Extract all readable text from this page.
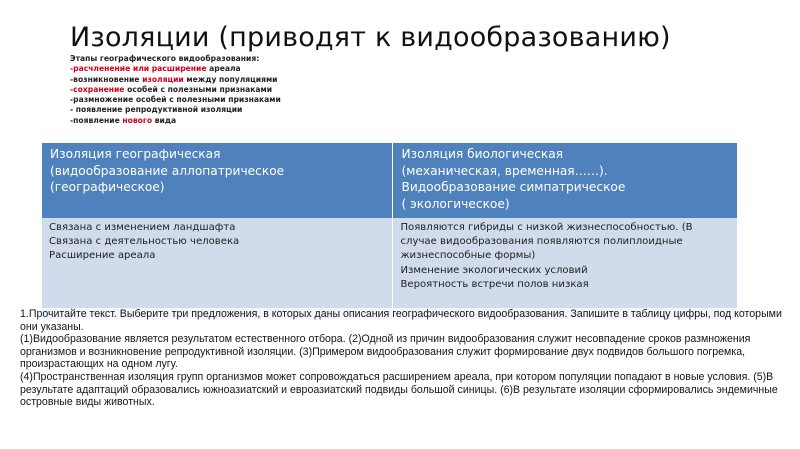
Изоляции (приводят к видообразованию)
Этапы географического видообразования:
-расчленение или расширение ареала
-возникновение изоляции между популяциями
-сохранение особей с полезными признаками
-размножение особей с полезными признаками
- появление репродуктивной изоляции
-появление нового вида
Изоляция географическая
(видообразование аллопатрическое
(географическое)	Изоляция биологическая
(механическая, временная……).
Видообразование симпатрическое
( экологическое)

Связана с изменением ландшафта
Связана с деятельностью человека
Расширение ареала	Появляются гибриды с низкой жизнеспособностью. (В случае видообразования появляются полиплоидные жизнеспособные формы)
Изменение экологических условий
Вероятность встречи полов низкая

1.Прочитайте текст. Выберите три предложения, в которых даны описания географического видообразования. Запишите в таблицу цифры, под которыми они указаны.

(1)Видообразование является результатом естественного отбора. (2)Одной из причин видообразования служит несовпадение сроков размножения организмов и возникновение репродуктивной изоляции. (3)Примером видообразования служит формирование двух подвидов большого погремка, произрастающих на одном лугу.

(4)Пространственная изоляция групп организмов может сопровождаться расширением ареала, при котором популяции попадают в новые условия. (5)В результате адаптаций образовались южноазиатский и евроазиатский подвиды большой синицы. (6)В результате изоляции сформировались эндемичные островные виды животных.
